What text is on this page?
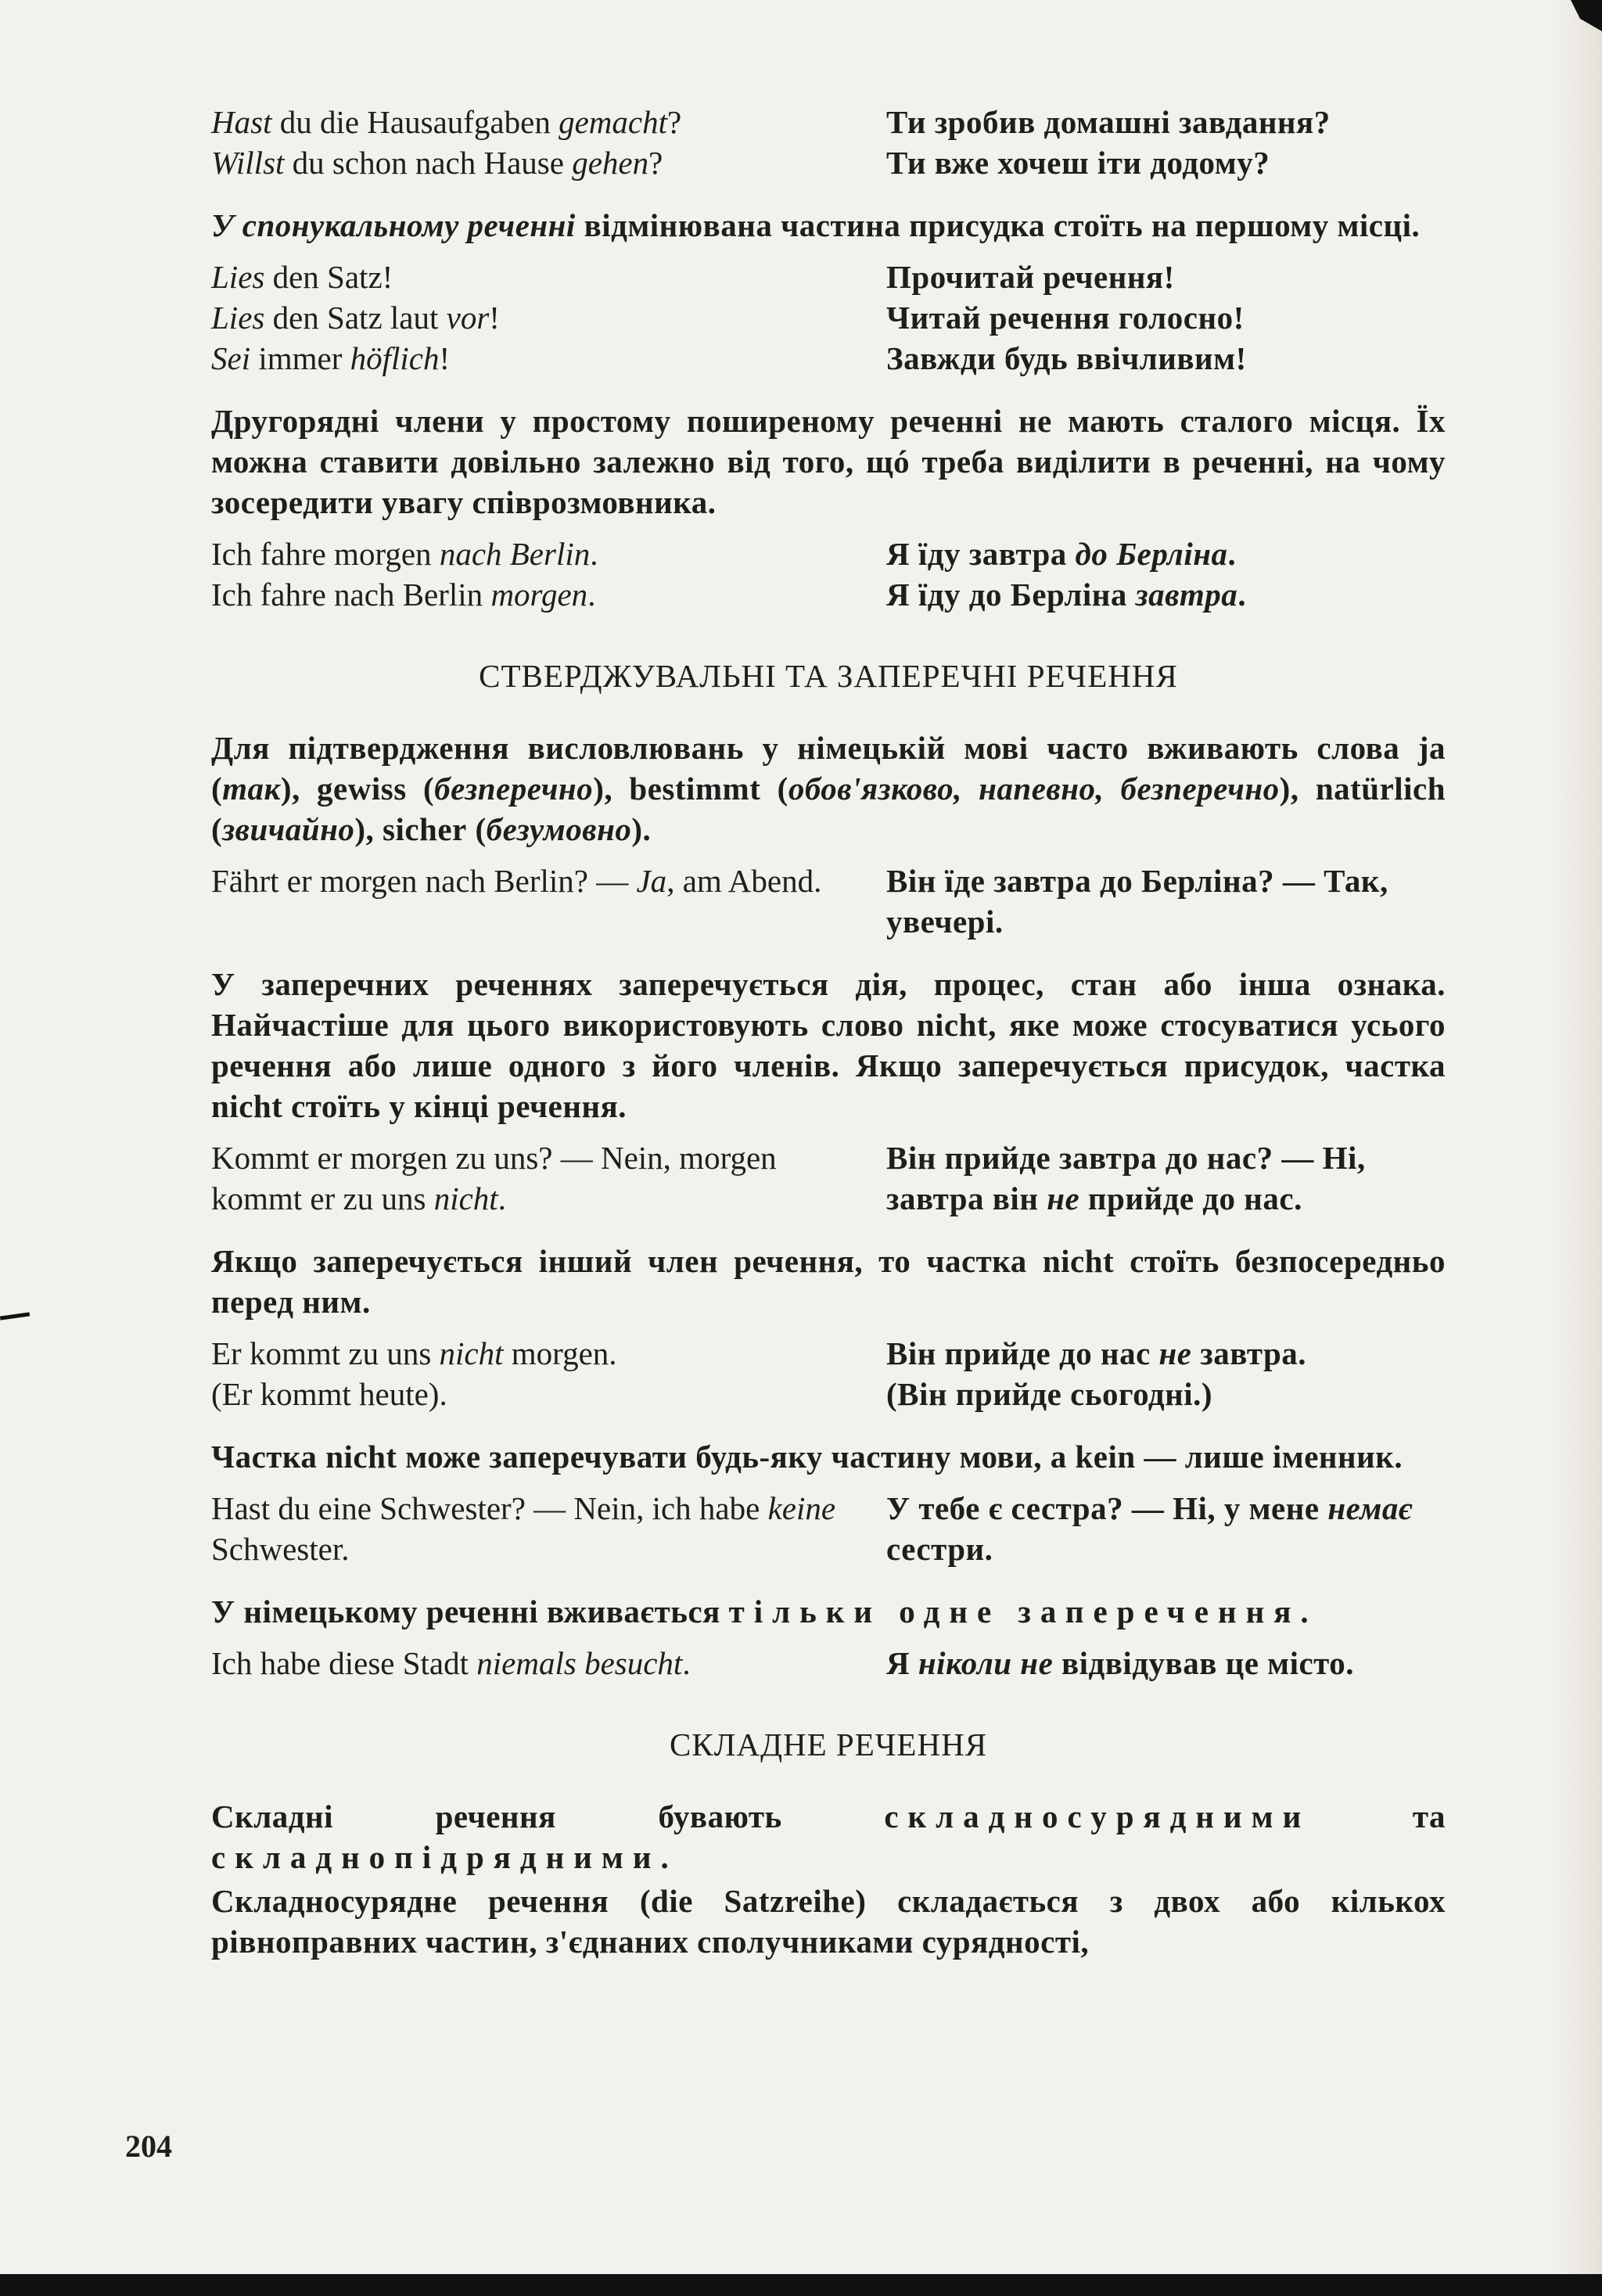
Hast du die Hausaufgaben gemacht?
Willst du schon nach Hause gehen?
Ти зробив домашні завдання?
Ти вже хочеш іти додому?
У спонукальному реченні відмінювана частина присудка стоїть на першому місці.
Lies den Satz!
Lies den Satz laut vor!
Sei immer höflich!
Прочитай речення!
Читай речення голосно!
Завжди будь ввічливим!
Другорядні члени у простому поширеному реченні не мають сталого місця. Їх можна ставити довільно залежно від того, щó треба виділити в реченні, на чому зосередити увагу співрозмовника.
Ich fahre morgen nach Berlin.
Ich fahre nach Berlin morgen.
Я їду завтра до Берліна.
Я їду до Берліна завтра.
СТВЕРДЖУВАЛЬНІ ТА ЗАПЕРЕЧНІ РЕЧЕННЯ
Для підтвердження висловлювань у німецькій мові часто вживають слова ja (так), gewiss (безперечно), bestimmt (обов'язково, напевно, безперечно), natürlich (звичайно), sicher (безумовно).
Fährt er morgen nach Berlin? — Ja, am Abend.	Він їде завтра до Берліна? — Так, увечері.
У заперечних реченнях заперечується дія, процес, стан або інша ознака. Найчастіше для цього використовують слово nicht, яке може стосуватися усього речення або лише одного з його членів. Якщо заперечується присудок, частка nicht стоїть у кінці речення.
Kommt er morgen zu uns? — Nein, morgen kommt er zu uns nicht.
Він прийде завтра до нас? — Ні, завтра він не прийде до нас.
Якщо заперечується інший член речення, то частка nicht стоїть безпосередньо перед ним.
Er kommt zu uns nicht morgen.
(Er kommt heute).
Він прийде до нас не завтра.
(Він прийде сьогодні.)
Частка nicht може заперечувати будь-яку частину мови, а kein — лише іменник.
Hast du eine Schwester? — Nein, ich habe keine Schwester.
У тебе є сестра? — Ні, у мене немає сестри.
У німецькому реченні вживається тільки одне заперечення.
Ich habe diese Stadt niemals besucht.	Я ніколи не відвідував це місто.
СКЛАДНЕ РЕЧЕННЯ
Складні речення бувають складносурядними та складнопідрядними.
Складносурядне речення (die Satzreihe) складається з двох або кількох рівноправних частин, з'єднаних сполучниками сурядності,
204
